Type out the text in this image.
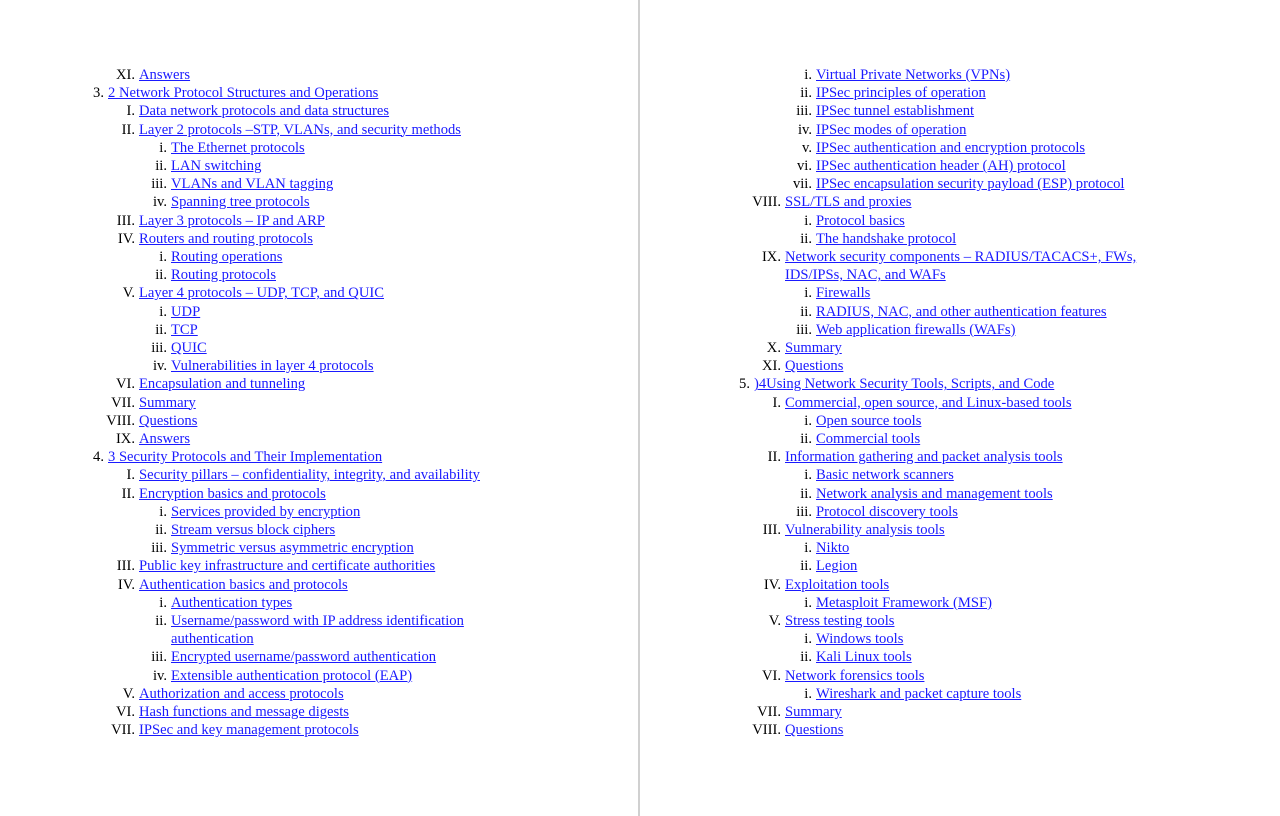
XI. Answers
3. 2 Network Protocol Structures and Operations
I. Data network protocols and data structures
II. Layer 2 protocols –STP, VLANs, and security methods
i. The Ethernet protocols
ii. LAN switching
iii. VLANs and VLAN tagging
iv. Spanning tree protocols
III. Layer 3 protocols – IP and ARP
IV. Routers and routing protocols
i. Routing operations
ii. Routing protocols
V. Layer 4 protocols – UDP, TCP, and QUIC
i. UDP
ii. TCP
iii. QUIC
iv. Vulnerabilities in layer 4 protocols
VI. Encapsulation and tunneling
VII. Summary
VIII. Questions
IX. Answers
4. 3 Security Protocols and Their Implementation
I. Security pillars – confidentiality, integrity, and availability
II. Encryption basics and protocols
i. Services provided by encryption
ii. Stream versus block ciphers
iii. Symmetric versus asymmetric encryption
III. Public key infrastructure and certificate authorities
IV. Authentication basics and protocols
i. Authentication types
ii. Username/password with IP address identification
authentication
iii. Encrypted username/password authentication
iv. Extensible authentication protocol (EAP)
V. Authorization and access protocols
VI. Hash functions and message digests
VII. IPSec and key management protocols
i. Virtual Private Networks (VPNs)
ii. IPSec principles of operation
iii. IPSec tunnel establishment
iv. IPSec modes of operation
v. IPSec authentication and encryption protocols
vi. IPSec authentication header (AH) protocol
vii. IPSec encapsulation security payload (ESP) protocol
VIII. SSL/TLS and proxies
i. Protocol basics
ii. The handshake protocol
IX. Network security components – RADIUS/TACACS+, FWs,
IDS/IPSs, NAC, and WAFs
i. Firewalls
ii. RADIUS, NAC, and other authentication features
iii. Web application firewalls (WAFs)
X. Summary
XI. Questions
5. )4Using Network Security Tools, Scripts, and Code
I. Commercial, open source, and Linux-based tools
i. Open source tools
ii. Commercial tools
II. Information gathering and packet analysis tools
i. Basic network scanners
ii. Network analysis and management tools
iii. Protocol discovery tools
III. Vulnerability analysis tools
i. Nikto
ii. Legion
IV. Exploitation tools
i. Metasploit Framework (MSF)
V. Stress testing tools
i. Windows tools
ii. Kali Linux tools
VI. Network forensics tools
i. Wireshark and packet capture tools
VII. Summary
VIII. Questions
